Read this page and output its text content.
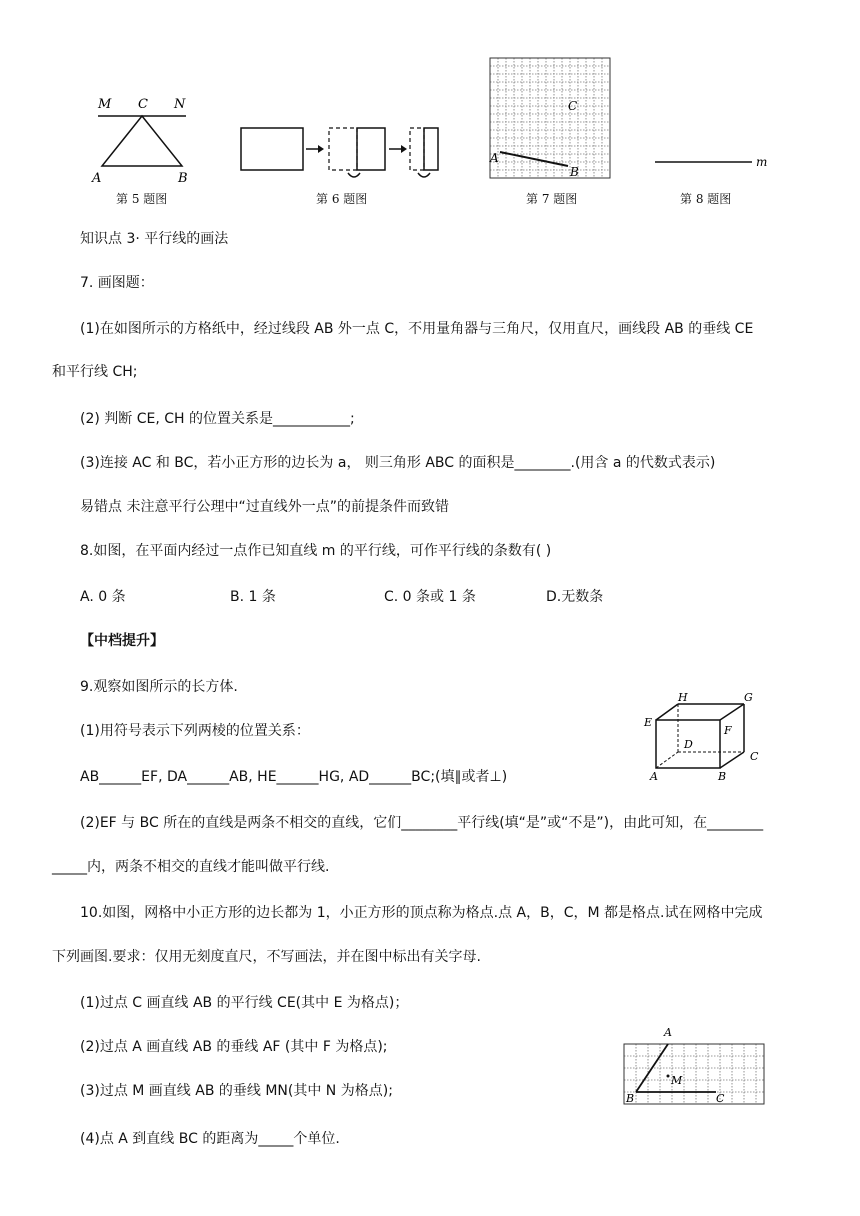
M C N
A	B
第 5 题图	第 6 题图
A
B
C
第 7 题图
m
第 8 题图
知识点 3· 平行线的画法
7. 画图题：
(1)在如图所示的方格纸中，经过线段 AB 外一点 C，不用量角器与三角尺，仅用直尺，画线段 AB 的垂线 CE
和平行线 CH;
(2) 判断 CE, CH 的位置关系是___________;
(3)连接 AC 和 BC，若小正方形的边长为 a， 则三角形 ABC 的面积是________.(用含 a 的代数式表示)
易错点 未注意平行公理中“过直线外一点”的前提条件而致错
8.如图，在平面内经过一点作已知直线 m 的平行线，可作平行线的条数有( )
A. 0 条	B. 1 条	C. 0 条或 1 条	D.无数条
【中档提升】
9.观察如图所示的长方体.
(1)用符号表示下列两棱的位置关系：
AB______EF, DA______AB, HE______HG, AD______BC;(填∥或者⊥)
(2)EF 与 BC 所在的直线是两条不相交的直线，它们________平行线(填“是”或“不是”)，由此可知，在________
_____内，两条不相交的直线才能叫做平行线.
10.如图，网格中小正方形的边长都为 1，小正方形的顶点称为格点.点 A，B，C，M 都是格点.试在网格中完成
下列画图.要求：仅用无刻度直尺，不写画法，并在图中标出有关字母.
(1)过点 C 画直线 AB 的平行线 CE(其中 E 为格点)；
(2)过点 A 画直线 AB 的垂线 AF (其中 F 为格点);
(3)过点 M 画直线 AB 的垂线 MN(其中 N 为格点);
(4)点 A 到直线 BC 的距离为_____个单位.
H	G
E
F
D
C
A	B
A
M
B	C
